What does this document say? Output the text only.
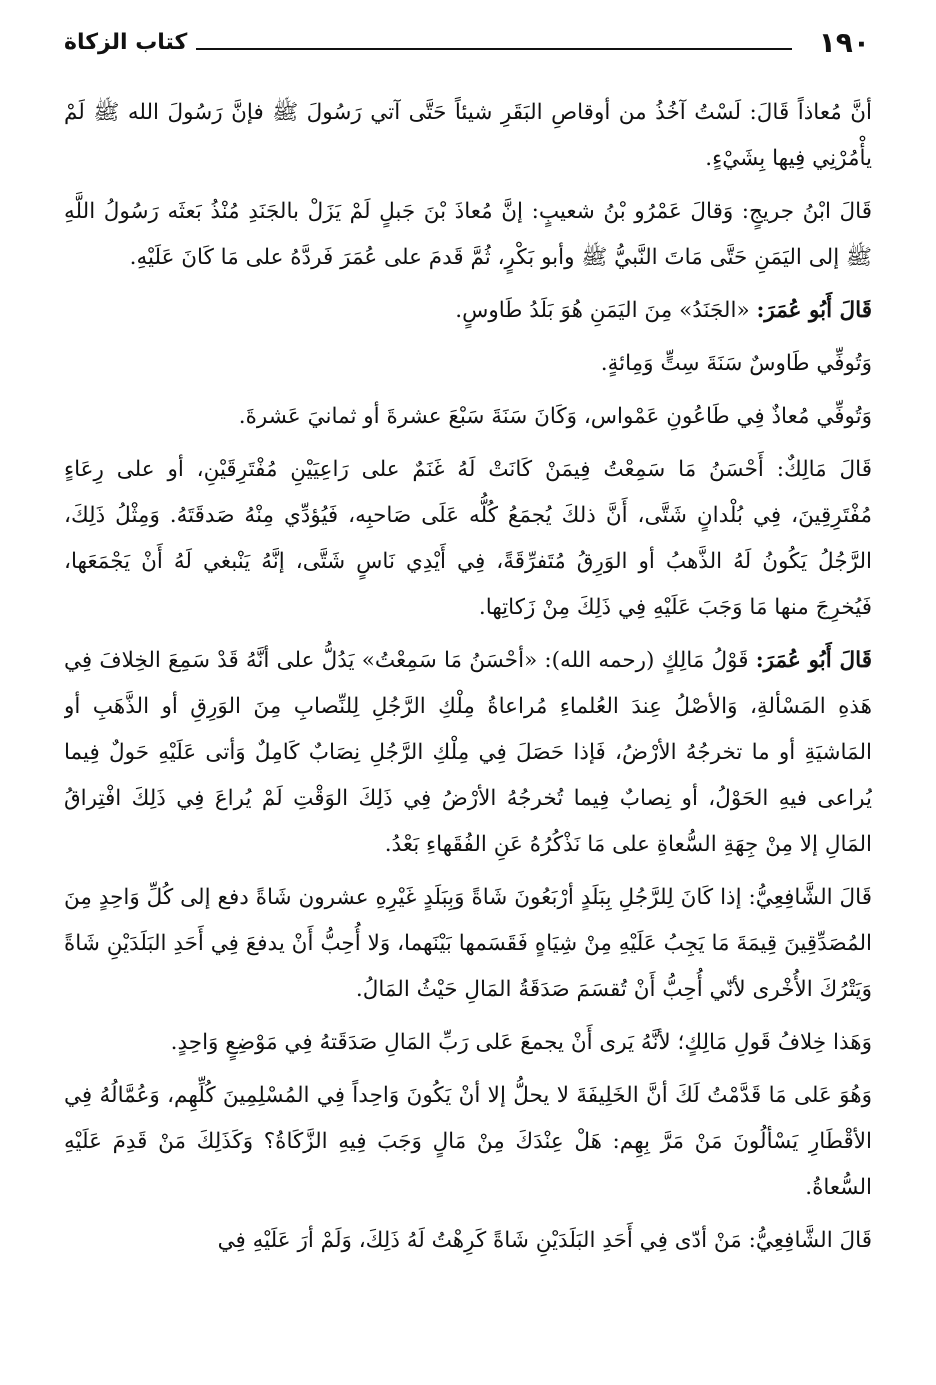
١٩٠
كتاب الزكاة

أنَّ مُعاذاً قَالَ: لَسْتُ آخُذُ من أوقاصِ البَقَرِ شيئاً حَتَّى آتي رَسُولَ ﷺ فإنَّ رَسُولَ الله ﷺ لَمْ يأْمُرْنِي فِيها بِشَيْءٍ.

قَالَ ابْنُ جريجٍ: وَقالَ عَمْرُو بْنُ شعيبٍ: إنَّ مُعاذَ بْنَ جَبلٍ لَمْ يَزَلْ بالجَنَدِ مُنْذُ بَعثَه رَسُولُ اللَّهِ ﷺ إلى اليَمَنِ حَتَّى مَاتَ النَّبيُّ ﷺ وأبو بَكْرٍ، ثُمَّ قَدمَ على عُمَرَ فَردَّهُ على مَا كَانَ عَلَيْهِ.

قَالَ أَبُو عُمَرَ: «الجَنَدُ» مِنَ اليَمَنِ هُوَ بَلَدُ طَاوسٍ.

وَتُوفِّي طَاوسٌ سَنَةَ سِتٍّ وَمِائةٍ.

وَتُوفِّي مُعاذٌ فِي طَاعُونِ عَمْواس، وَكَانَ سَنَةَ سَبْعَ عشرةَ أو ثمانيَ عَشرةَ.

قَالَ مَالِكٌ: أَحْسَنُ مَا سَمِعْتُ فِيمَنْ كَانَتْ لَهُ غَنَمٌ على رَاعِيَيْنِ مُفْتَرِقَيْنِ، أو على رِعَاءٍ مُفْتَرِقِينَ، فِي بُلْدانٍ شَتَّى، أَنَّ ذلكَ يُجمَعُ كُلُّه عَلَى صَاحبِه، فَيُؤدِّي مِنْهُ صَدقَتَهُ. وَمِثْلُ ذَلِكَ، الرَّجُلُ يَكُونُ لَهُ الذَّهبُ أو الوَرِقُ مُتَفرِّقَةً، فِي أَيْدِي نَاسٍ شَتَّى، إنَّهُ يَنْبغي لَهُ أَنْ يَجْمَعَها، فَيُخرِجَ منها مَا وَجَبَ عَلَيْهِ فِي ذَلِكَ مِنْ زَكاتِها.

قَالَ أَبُو عُمَرَ: قَوْلُ مَالِكٍ (رحمه الله): «أحْسَنُ مَا سَمِعْتُ» يَدُلُّ على أنَّهُ قَدْ سَمِعَ الخِلافَ فِي هَذهِ المَسْألةِ، وَالأصْلُ عِندَ العُلماءِ مُراعاةُ مِلْكِ الرَّجُلِ لِلنِّصابِ مِنَ الوَرِقِ أو الذَّهَبِ أو المَاشيَةِ أو ما تخرجُهُ الأرْضُ، فَإذا حَصَلَ فِي مِلْكِ الرَّجُلِ نِصَابٌ كَامِلٌ وَأتى عَلَيْهِ حَولٌ فِيما يُراعى فيهِ الحَوْلُ، أو نِصابٌ فِيما تُخرجُهُ الأرْضُ فِي ذَلِكَ الوَقْتِ لَمْ يُراعَ فِي ذَلِكَ افْتِراقُ المَالِ إلا مِنْ جِهَةِ السُّعاةِ على مَا نَذْكُرُهُ عَنِ الفُقَهاءِ بَعْدُ.

قَالَ الشَّافِعِيُّ: إذا كَانَ لِلرَّجُلِ بِبَلَدٍ أرْبَعُونَ شَاةً وَبِبَلَدٍ غَيْرِهِ عشرون شَاةً دفع إلى كُلِّ وَاحِدٍ مِنَ المُصَدِّقِينَ قِيمَةَ مَا يَجِبُ عَلَيْهِ مِنْ شِيَاهٍ فَقَسَمها بَيْنَهما، وَلا أُحِبُّ أَنْ يدفعَ فِي أَحَدِ البَلَدَيْنِ شَاةً وَيَتْرُكَ الأُخْرى لأنّي أُحِبُّ أَنْ تُقسَمَ صَدَقَةُ المَالِ حَيْثُ المَالُ.

وَهَذا خِلافُ قَولِ مَالِكٍ؛ لأنَّهُ يَرى أَنْ يجمعَ عَلى رَبِّ المَالِ صَدَقَتهُ فِي مَوْضِعٍ وَاحِدٍ.

وَهُوَ عَلى مَا قَدَّمْتُ لَكَ أنَّ الخَلِيفَةَ لا يحلُّ إلا أنْ يَكُونَ وَاحِداً فِي المُسْلِمِينَ كُلِّهِم، وَعُمَّالُهُ فِي الأقْطَارِ يَسْألُونَ مَنْ مَرَّ بِهِم: هَلْ عِنْدَكَ مِنْ مَالٍ وَجَبَ فِيهِ الزَّكَاةُ؟ وَكَذَلِكَ مَنْ قَدِمَ عَلَيْهِ السُّعاةُ.

قَالَ الشَّافِعِيُّ: مَنْ أدّى فِي أَحَدِ البَلَدَيْنِ شَاةً كَرِهْتُ لَهُ ذَلِكَ، وَلَمْ أرَ عَلَيْهِ فِي
